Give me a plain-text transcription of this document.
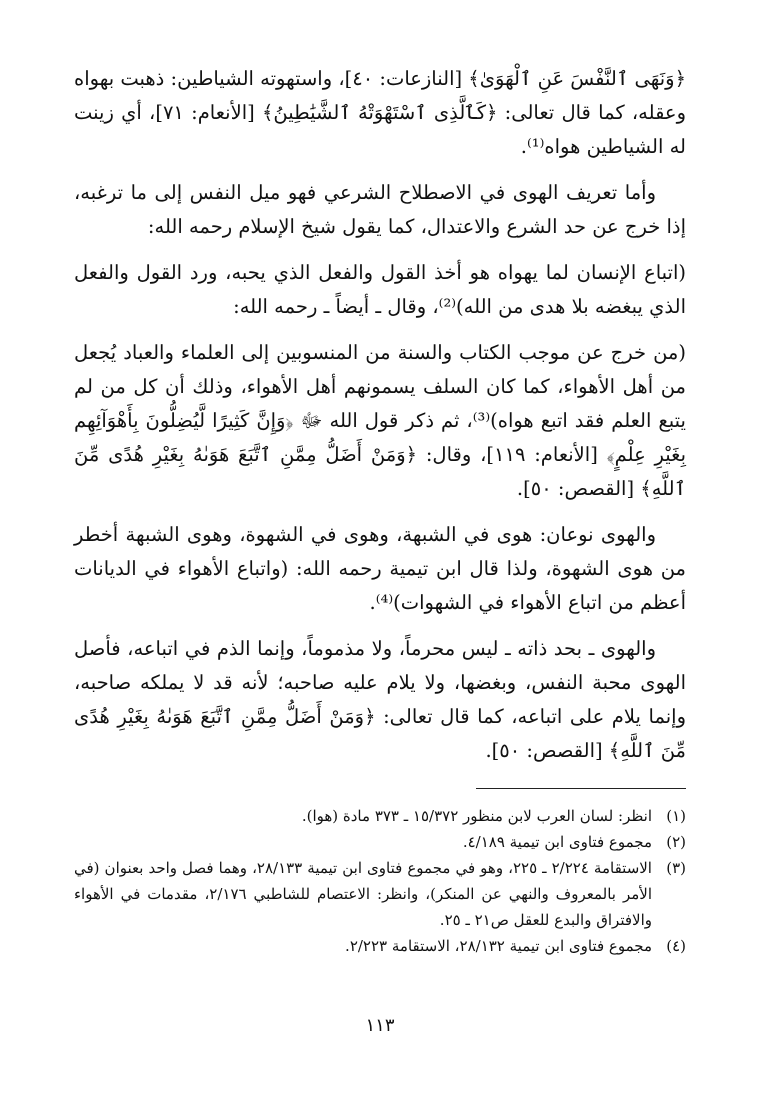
﴿وَنَهَى ٱلنَّفْسَ عَنِ ٱلْهَوَىٰ﴾ [النازعات: ٤٠]، واستهوته الشياطين: ذهبت بهواه وعقله، كما قال تعالى: ﴿كَٱلَّذِى ٱسْتَهْوَتْهُ ٱلشَّيَٰطِينُ﴾ [الأنعام: ٧١]، أي زينت له الشياطين هواه⁽¹⁾.

وأما تعريف الهوى في الاصطلاح الشرعي فهو ميل النفس إلى ما ترغبه، إذا خرج عن حد الشرع والاعتدال، كما يقول شيخ الإسلام رحمه الله:

(اتباع الإنسان لما يهواه هو أخذ القول والفعل الذي يحبه، ورد القول والفعل الذي يبغضه بلا هدى من الله)⁽²⁾، وقال ـ أيضاً ـ رحمه الله:

(من خرج عن موجب الكتاب والسنة من المنسوبين إلى العلماء والعباد يُجعل من أهل الأهواء، كما كان السلف يسمونهم أهل الأهواء، وذلك أن كل من لم يتبع العلم فقد اتبع هواه)⁽³⁾، ثم ذكر قول الله ﷻ ﴿وَإِنَّ كَثِيرًا لَّيُضِلُّونَ بِأَهْوَآئِهِم بِغَيْرِ عِلْمٍ﴾ [الأنعام: ١١٩]، وقال: ﴿وَمَنْ أَضَلُّ مِمَّنِ ٱتَّبَعَ هَوَىٰهُ بِغَيْرِ هُدًى مِّنَ ٱللَّهِ﴾ [القصص: ٥٠].

والهوى نوعان: هوى في الشبهة، وهوى في الشهوة، وهوى الشبهة أخطر من هوى الشهوة، ولذا قال ابن تيمية رحمه الله: (واتباع الأهواء في الديانات أعظم من اتباع الأهواء في الشهوات)⁽⁴⁾.

والهوى ـ بحد ذاته ـ ليس محرماً، ولا مذموماً، وإنما الذم في اتباعه، فأصل الهوى محبة النفس، وبغضها، ولا يلام عليه صاحبه؛ لأنه قد لا يملكه صاحبه، وإنما يلام على اتباعه، كما قال تعالى: ﴿وَمَنْ أَضَلُّ مِمَّنِ ٱتَّبَعَ هَوَىٰهُ بِغَيْرِ هُدًى مِّنَ ٱللَّهِ﴾ [القصص: ٥٠].

(١)
انظر: لسان العرب لابن منظور ١٥/٣٧٢ ـ ٣٧٣ مادة (هوا).
(٢)
مجموع فتاوى ابن تيمية ٤/١٨٩.
(٣)
الاستقامة ٢/٢٢٤ ـ ٢٢٥، وهو في مجموع فتاوى ابن تيمية ٢٨/١٣٣، وهما فصل واحد بعنوان (في الأمر بالمعروف والنهي عن المنكر)، وانظر: الاعتصام للشاطبي ٢/١٧٦، مقدمات في الأهواء والافتراق والبدع للعقل ص٢١ ـ ٢٥.
(٤)
مجموع فتاوى ابن تيمية ٢٨/١٣٢، الاستقامة ٢/٢٢٣.
١١٣
